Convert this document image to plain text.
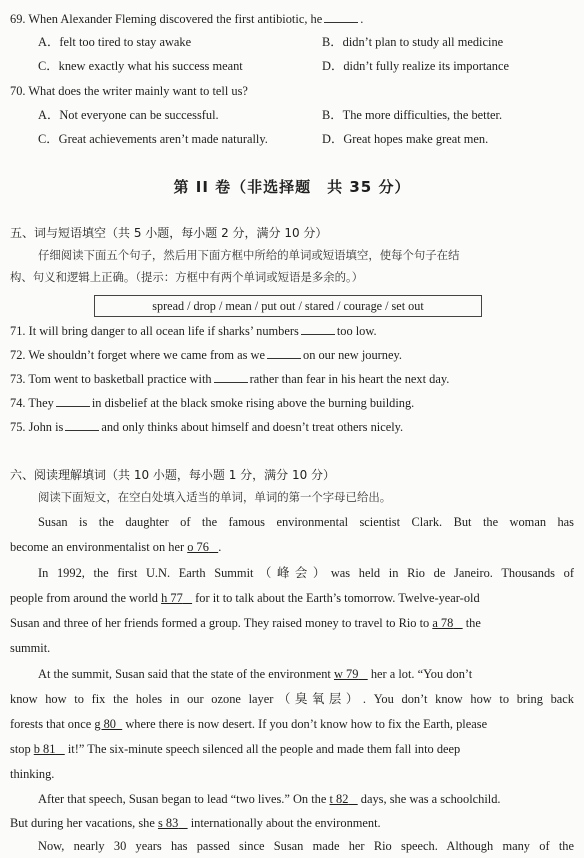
69. When Alexander Fleming discovered the first antibiotic, he	.
A．felt too tired to stay awake	B．didn’t plan to study all medicine
C．knew exactly what his success meant	D．didn’t fully realize its importance
70. What does the writer mainly want to tell us?
A．Not everyone can be successful.	B．The more difficulties, the better.
C．Great achievements aren’t made naturally.	D．Great hopes make great men.
第 II 卷（非选择题　共 35 分）
五、词与短语填空（共 5 小题，每小题 2 分，满分 10 分）
仔细阅读下面五个句子，然后用下面方框中所给的单词或短语填空，使每个句子在结
构、句义和逻辑上正确。（提示：方框中有两个单词或短语是多余的。）
spread / drop / mean / put out / stared / courage / set out
71. It will bring danger to all ocean life if sharks’ numbers	too low.
72. We shouldn’t forget where we came from as we	on our new journey.
73. Tom went to basketball practice with	rather than fear in his heart the next day.
74. They	in disbelief at the black smoke rising above the burning building.
75. John is	and only thinks about himself and doesn’t treat others nicely.
六、阅读理解填词（共 10 小题，每小题 1 分，满分 10 分）
阅读下面短文，在空白处填入适当的单词，单词的第一个字母已给出。
Susan is the daughter of the famous environmental scientist Clark. But the woman has
become an environmentalist on her o 76 .
In 1992, the first U.N. Earth Summit（峰会）was held in Rio de Janeiro. Thousands of
people from around the world h 77 for it to talk about the Earth’s tomorrow. Twelve-year-old
Susan and three of her friends formed a group. They raised money to travel to Rio to a 78 the
summit.
At the summit, Susan said that the state of the environment w 79 her a lot. “You don’t
know how to fix the holes in our ozone layer（臭氧层）. You don’t know how to bring back
forests that once g 80 where there is now desert. If you don’t know how to fix the Earth, please
stop b 81 it!” The six-minute speech silenced all the people and made them fall into deep
thinking.
After that speech, Susan began to lead “two lives.” On the t 82 days, she was a schoolchild.
But during her vacations, she s 83 internationally about the environment.
Now, nearly 30 years has passed since Susan made her Rio speech. Although many of the
